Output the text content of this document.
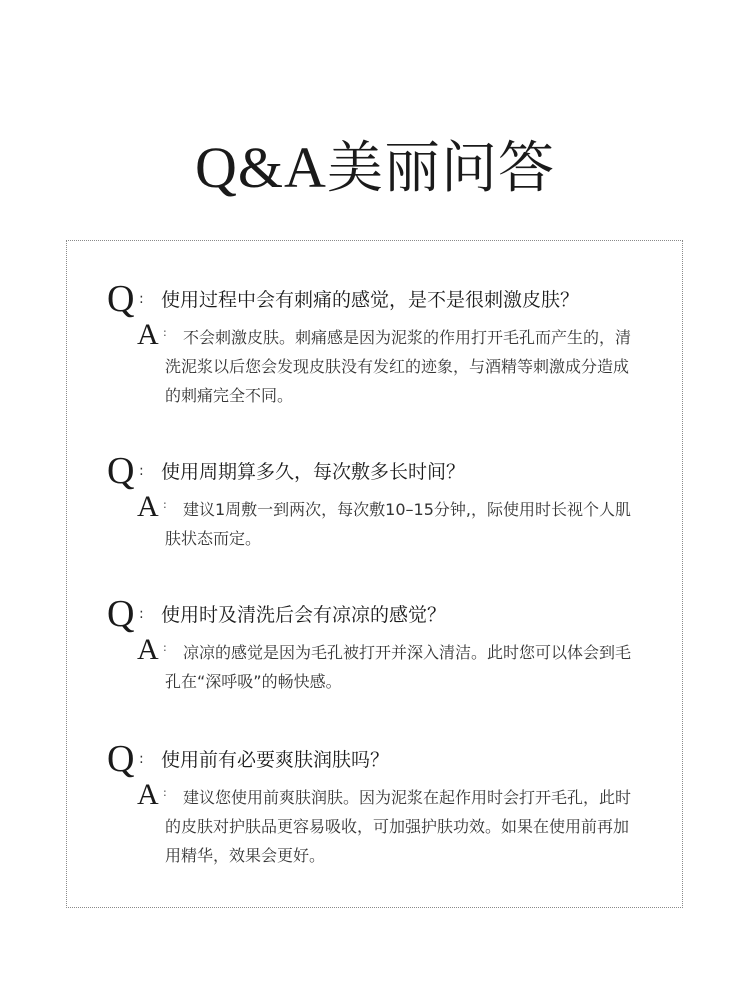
Q&A美丽问答
Q : 使用过程中会有刺痛的感觉，是不是很刺激皮肤？
A :	不会刺激皮肤。刺痛感是因为泥浆的作用打开毛孔而产生的，清洗泥浆以后您会发现皮肤没有发红的迹象，与酒精等刺激成分造成的刺痛完全不同。
Q : 使用周期算多久，每次敷多长时间？
A :	建议1周敷一到两次，每次敷10–15分钟,，际使用时长视个人肌肤状态而定。
Q : 使用时及清洗后会有凉凉的感觉？
A :	凉凉的感觉是因为毛孔被打开并深入清洁。此时您可以体会到毛孔在“深呼吸”的畅快感。
Q : 使用前有必要爽肤润肤吗？
A :	建议您使用前爽肤润肤。因为泥浆在起作用时会打开毛孔，此时的皮肤对护肤品更容易吸收，可加强护肤功效。如果在使用前再加用精华，效果会更好。
